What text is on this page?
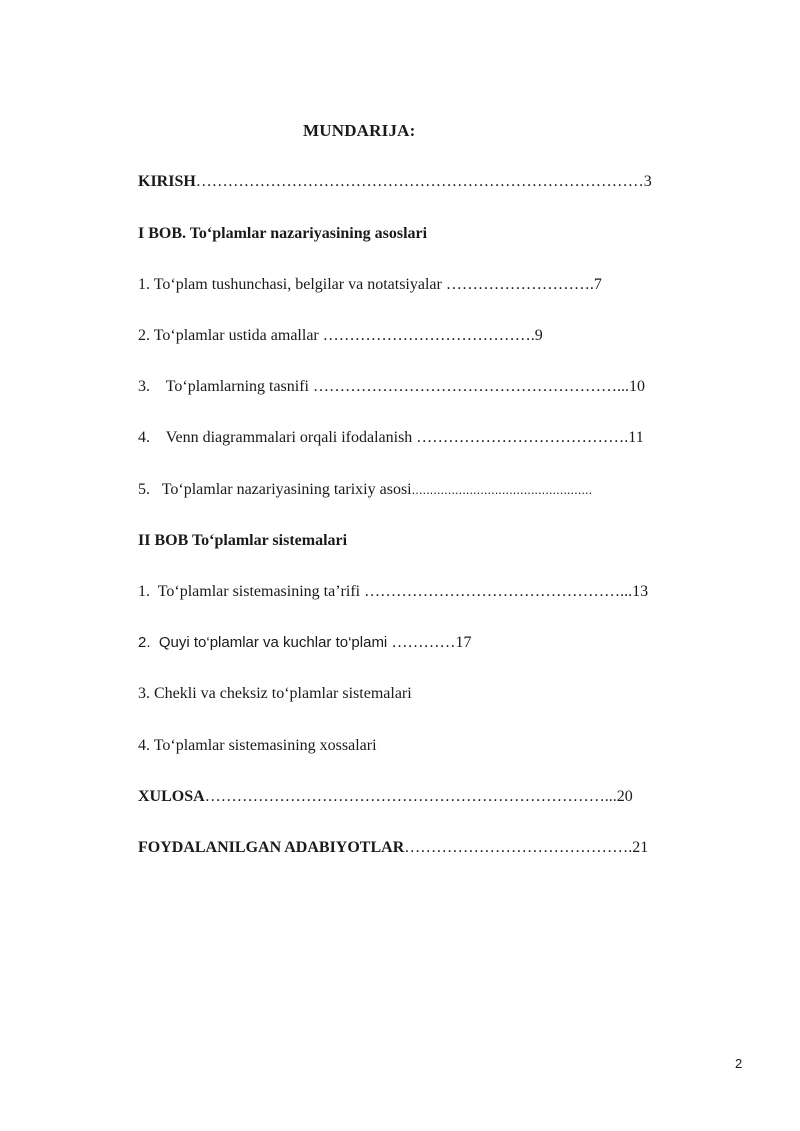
MUNDARIJA:
KIRISH…………………………………………………………………………3
I BOB. To‘plamlar nazariyasining asoslari
1. To‘plam tushunchasi, belgilar va notatsiyalar ……………………….7
2. To‘plamlar ustida amallar ………………………………….9
3.    To‘plamlarning tasnifi …………………………………………………...10
4.    Venn diagrammalari orqali ifodalanish ………………………………….11
5.   To‘plamlar nazariyasining tarixiy asosi..................................................
II BOB To‘plamlar sistemalari
1.  To‘plamlar sistemasining ta’rifi …………………………………………...13
2.  Quyi to‘plamlar va kuchlar to‘plami …………17
3. Chekli va cheksiz to‘plamlar sistemalari
4. To‘plamlar sistemasining xossalari
XULOSA…………………………………………………………………...20
FOYDALANILGAN ADABIYOTLAR…………………………………….21
2
